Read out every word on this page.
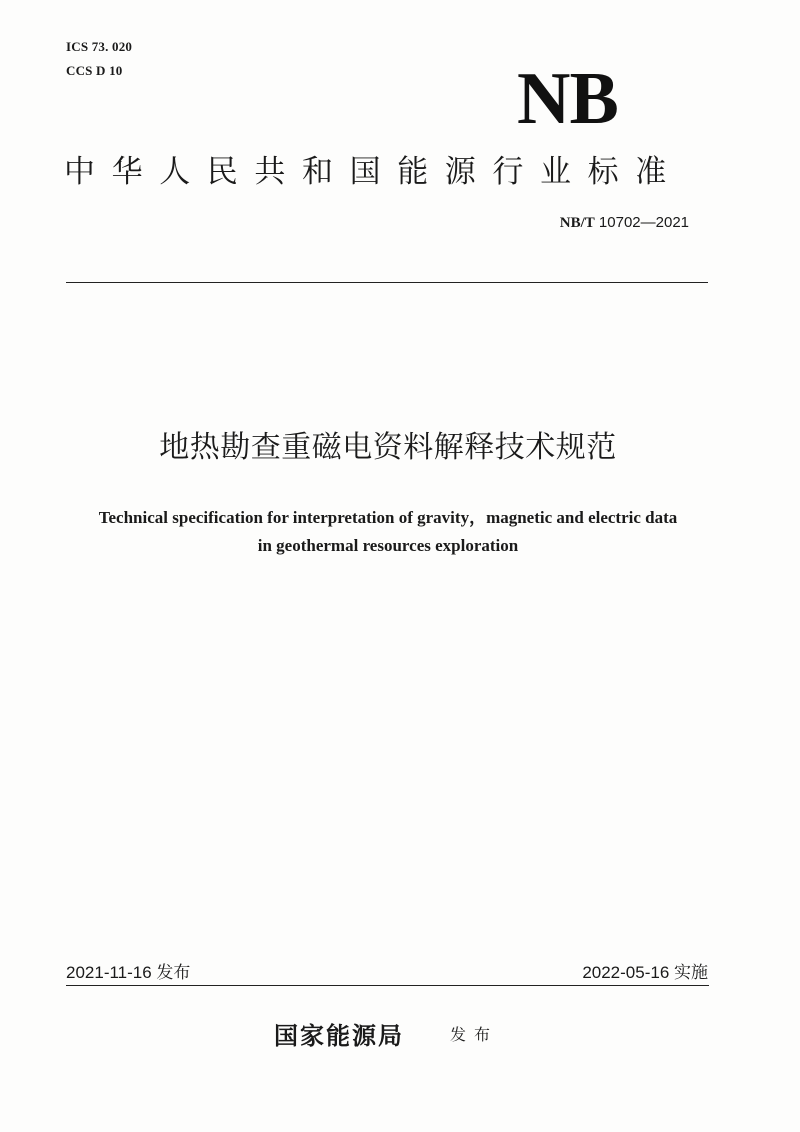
ICS 73. 020
CCS D 10	NB
中华人民共和国能源行业标准
NB/T 10702—2021
地热勘查重磁电资料解释技术规范
Technical specification for interpretation of gravity，magnetic and electric data
in geothermal resources exploration
2021-11-16 发布	2022-05-16 实施
国家能源局	发布
